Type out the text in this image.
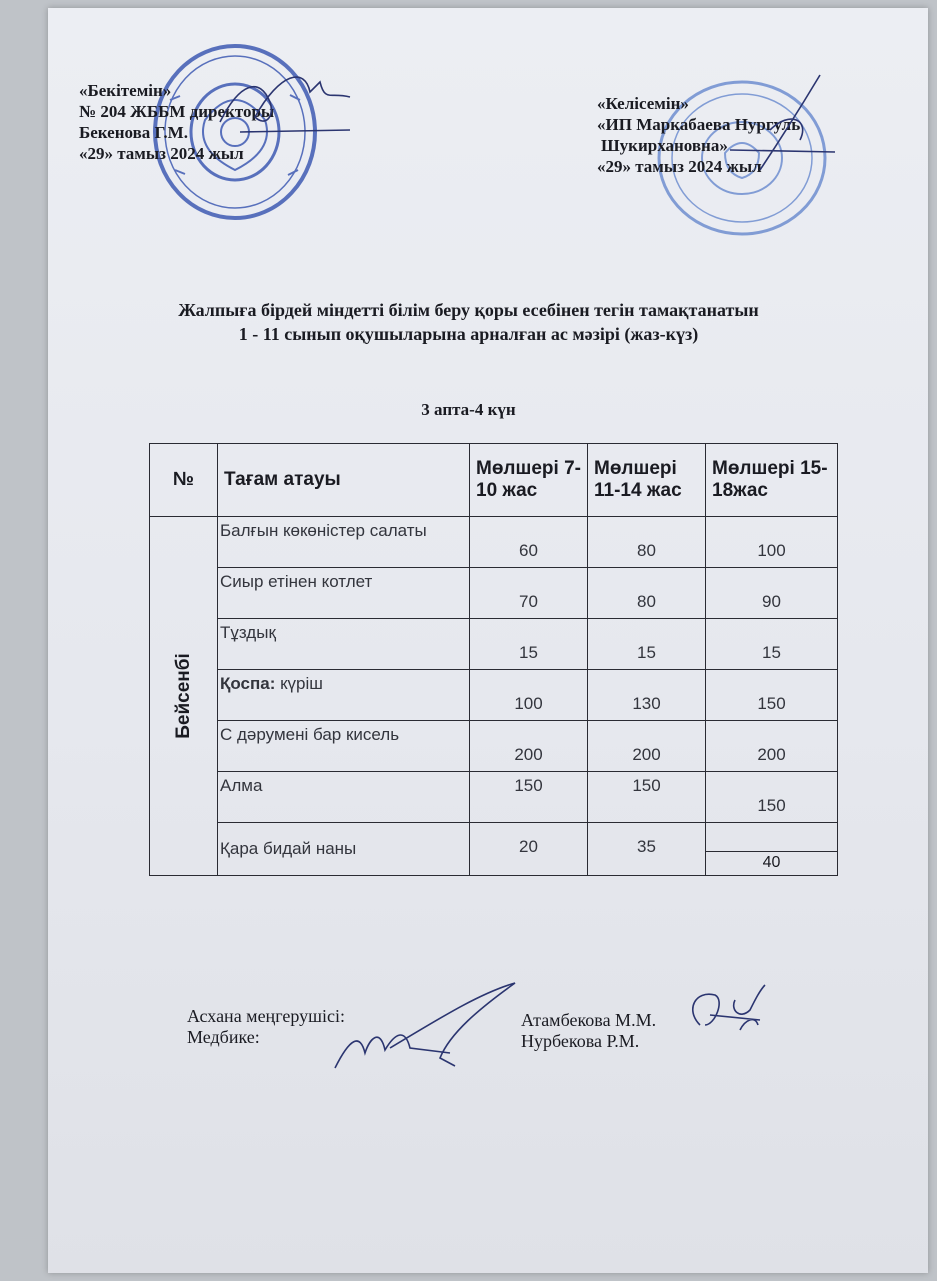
«Бекітемін»
№ 204 ЖББМ директоры
Бекенова Г.М.
«29» тамыз 2024 жыл
«Келісемін»
«ИП Маркабаева Нургуль
Шукирхановна»
«29» тамыз 2024 жыл
Жалпыға бірдей міндетті білім беру қоры есебінен тегін тамақтанатын
1 - 11 сынып оқушыларына арналған ас мәзірі (жаз-күз)
3 апта-4 күн
№	Тағам атауы	Мөлшері 7-10 жас	Мөлшері 11-14 жас	Мөлшері 15-18жас

Бейсенбі	Балғын көкөністер салаты	60	80	100
	Сиыр етінен котлет	70	80	90
	Тұздық	15	15	15
	Қоспа: күріш	100	130	150
	С дәрумені бар кисель	200	200	200
	Алма	150	150	150
	Қара бидай наны	20	35	40
Асхана меңгерушісі:
Медбике:
Атамбекова М.М.
Нурбекова Р.М.
